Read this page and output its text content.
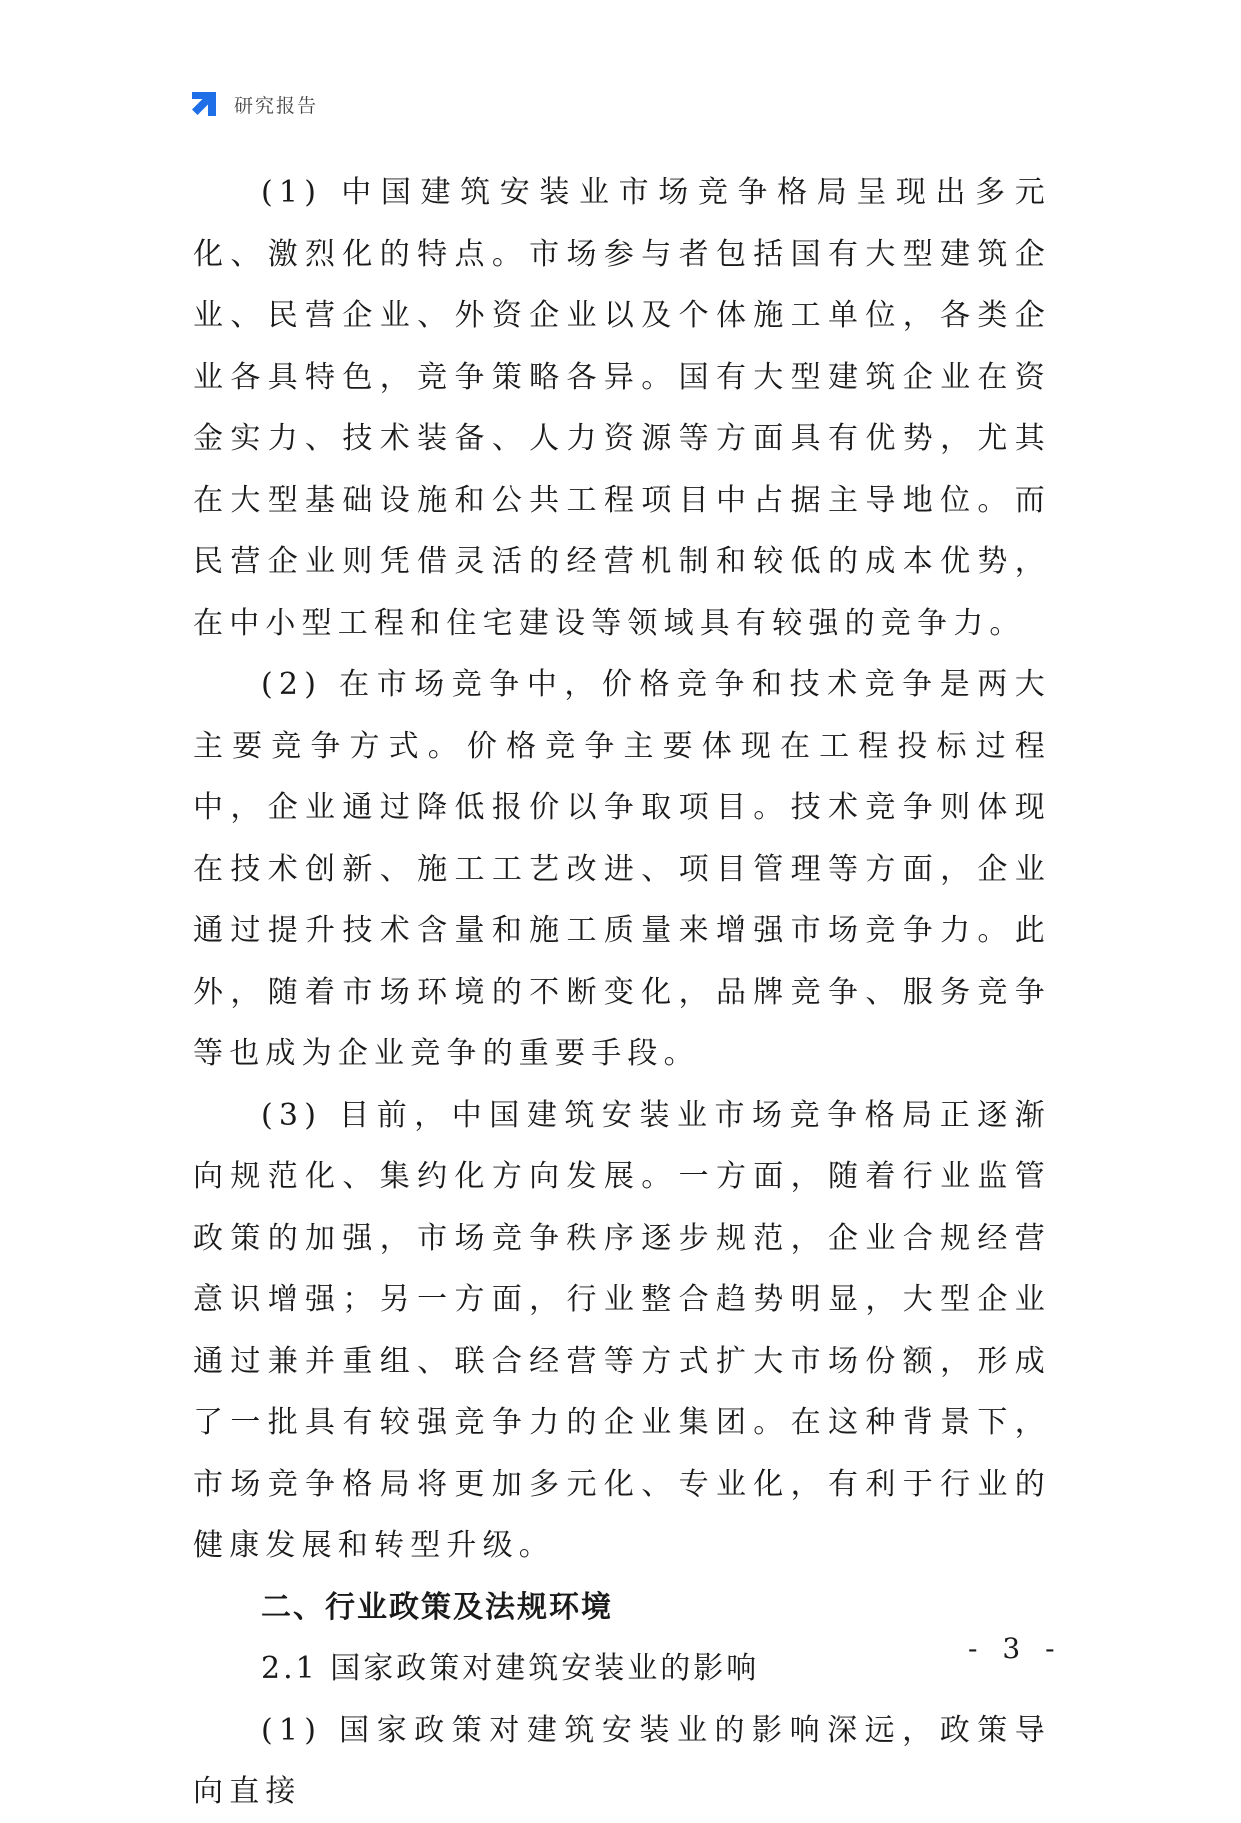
研究报告

(1) 中国建筑安装业市场竞争格局呈现出多元化、激烈化的特点。市场参与者包括国有大型建筑企业、民营企业、外资企业以及个体施工单位，各类企业各具特色，竞争策略各异。国有大型建筑企业在资金实力、技术装备、人力资源等方面具有优势，尤其在大型基础设施和公共工程项目中占据主导地位。而民营企业则凭借灵活的经营机制和较低的成本优势，在中小型工程和住宅建设等领域具有较强的竞争力。

(2) 在市场竞争中，价格竞争和技术竞争是两大主要竞争方式。价格竞争主要体现在工程投标过程中，企业通过降低报价以争取项目。技术竞争则体现在技术创新、施工工艺改进、项目管理等方面，企业通过提升技术含量和施工质量来增强市场竞争力。此外，随着市场环境的不断变化，品牌竞争、服务竞争等也成为企业竞争的重要手段。

(3) 目前，中国建筑安装业市场竞争格局正逐渐向规范化、集约化方向发展。一方面，随着行业监管政策的加强，市场竞争秩序逐步规范，企业合规经营意识增强；另一方面，行业整合趋势明显，大型企业通过兼并重组、联合经营等方式扩大市场份额，形成了一批具有较强竞争力的企业集团。在这种背景下，市场竞争格局将更加多元化、专业化，有利于行业的健康发展和转型升级。

二、行业政策及法规环境

2.1 国家政策对建筑安装业的影响

(1) 国家政策对建筑安装业的影响深远，政策导向直接

- 3 -
